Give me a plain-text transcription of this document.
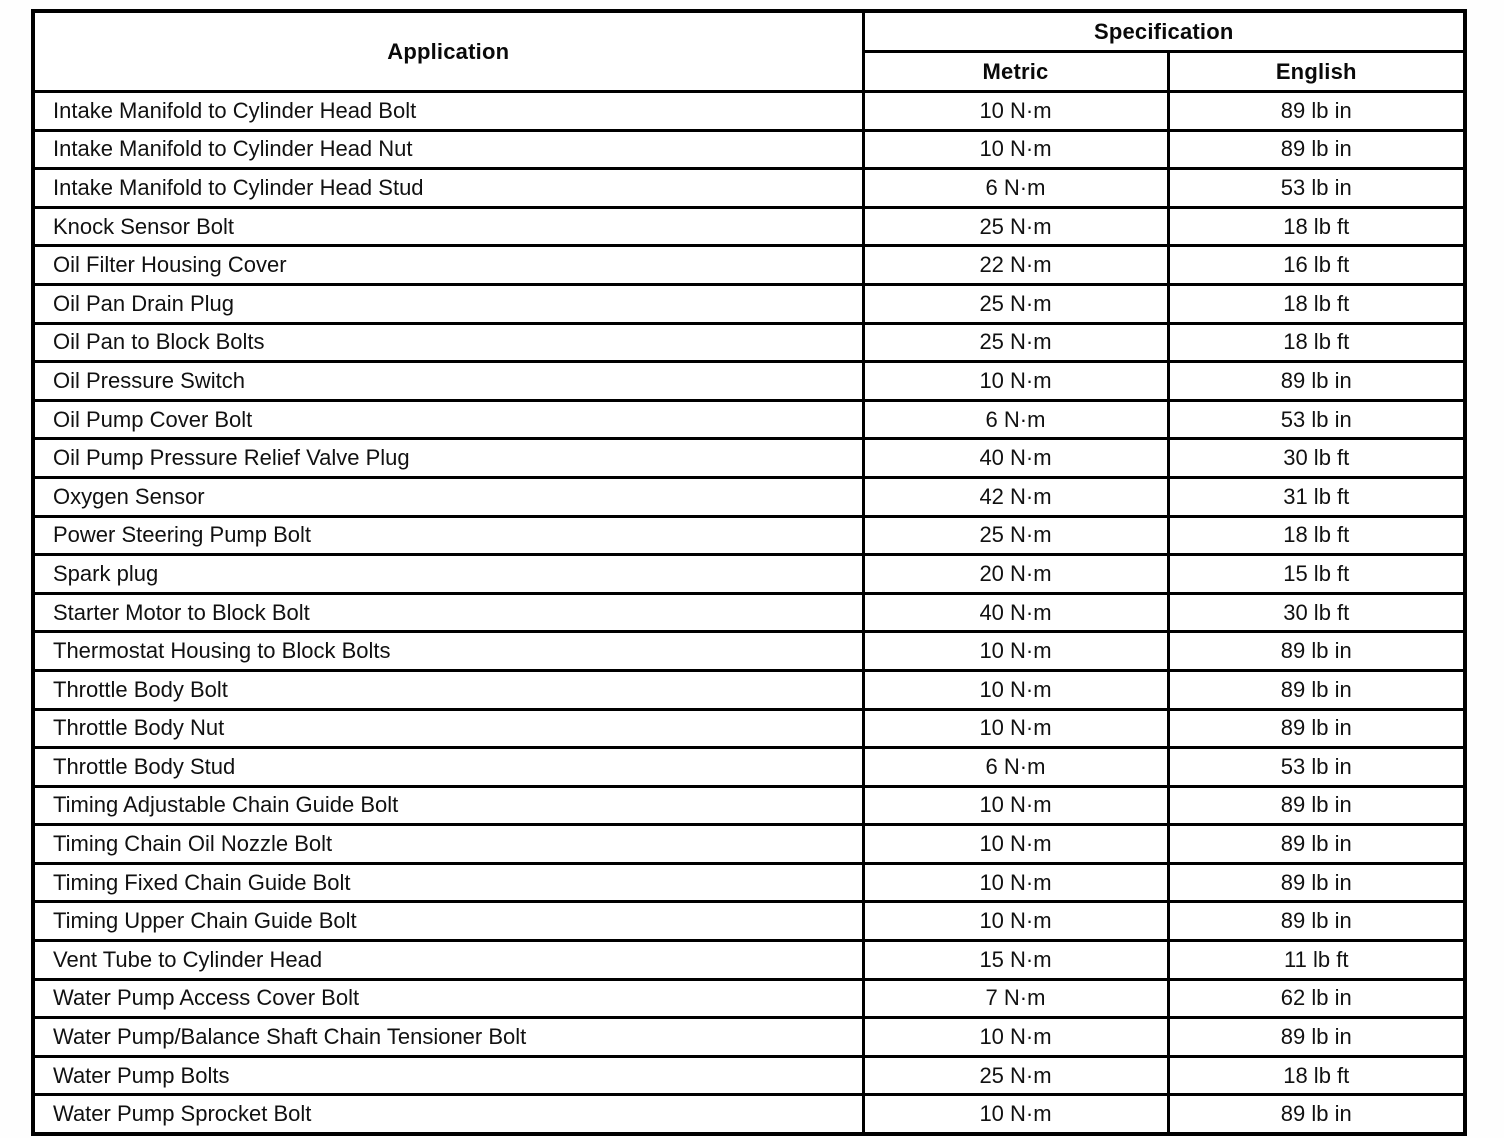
Application	Specification	
	Metric	English
Intake Manifold to Cylinder Head Bolt	10 N·m	89 lb in
Intake Manifold to Cylinder Head Nut	10 N·m	89 lb in
Intake Manifold to Cylinder Head Stud	6 N·m	53 lb in
Knock Sensor Bolt	25 N·m	18 lb ft
Oil Filter Housing Cover	22 N·m	16 lb ft
Oil Pan Drain Plug	25 N·m	18 lb ft
Oil Pan to Block Bolts	25 N·m	18 lb ft
Oil Pressure Switch	10 N·m	89 lb in
Oil Pump Cover Bolt	6 N·m	53 lb in
Oil Pump Pressure Relief Valve Plug	40 N·m	30 lb ft
Oxygen Sensor	42 N·m	31 lb ft
Power Steering Pump Bolt	25 N·m	18 lb ft
Spark plug	20 N·m	15 lb ft
Starter Motor to Block Bolt	40 N·m	30 lb ft
Thermostat Housing to Block Bolts	10 N·m	89 lb in
Throttle Body Bolt	10 N·m	89 lb in
Throttle Body Nut	10 N·m	89 lb in
Throttle Body Stud	6 N·m	53 lb in
Timing Adjustable Chain Guide Bolt	10 N·m	89 lb in
Timing Chain Oil Nozzle Bolt	10 N·m	89 lb in
Timing Fixed Chain Guide Bolt	10 N·m	89 lb in
Timing Upper Chain Guide Bolt	10 N·m	89 lb in
Vent Tube to Cylinder Head	15 N·m	11 lb ft
Water Pump Access Cover Bolt	7 N·m	62 lb in
Water Pump/Balance Shaft Chain Tensioner Bolt	10 N·m	89 lb in
Water Pump Bolts	25 N·m	18 lb ft
Water Pump Sprocket Bolt	10 N·m	89 lb in
